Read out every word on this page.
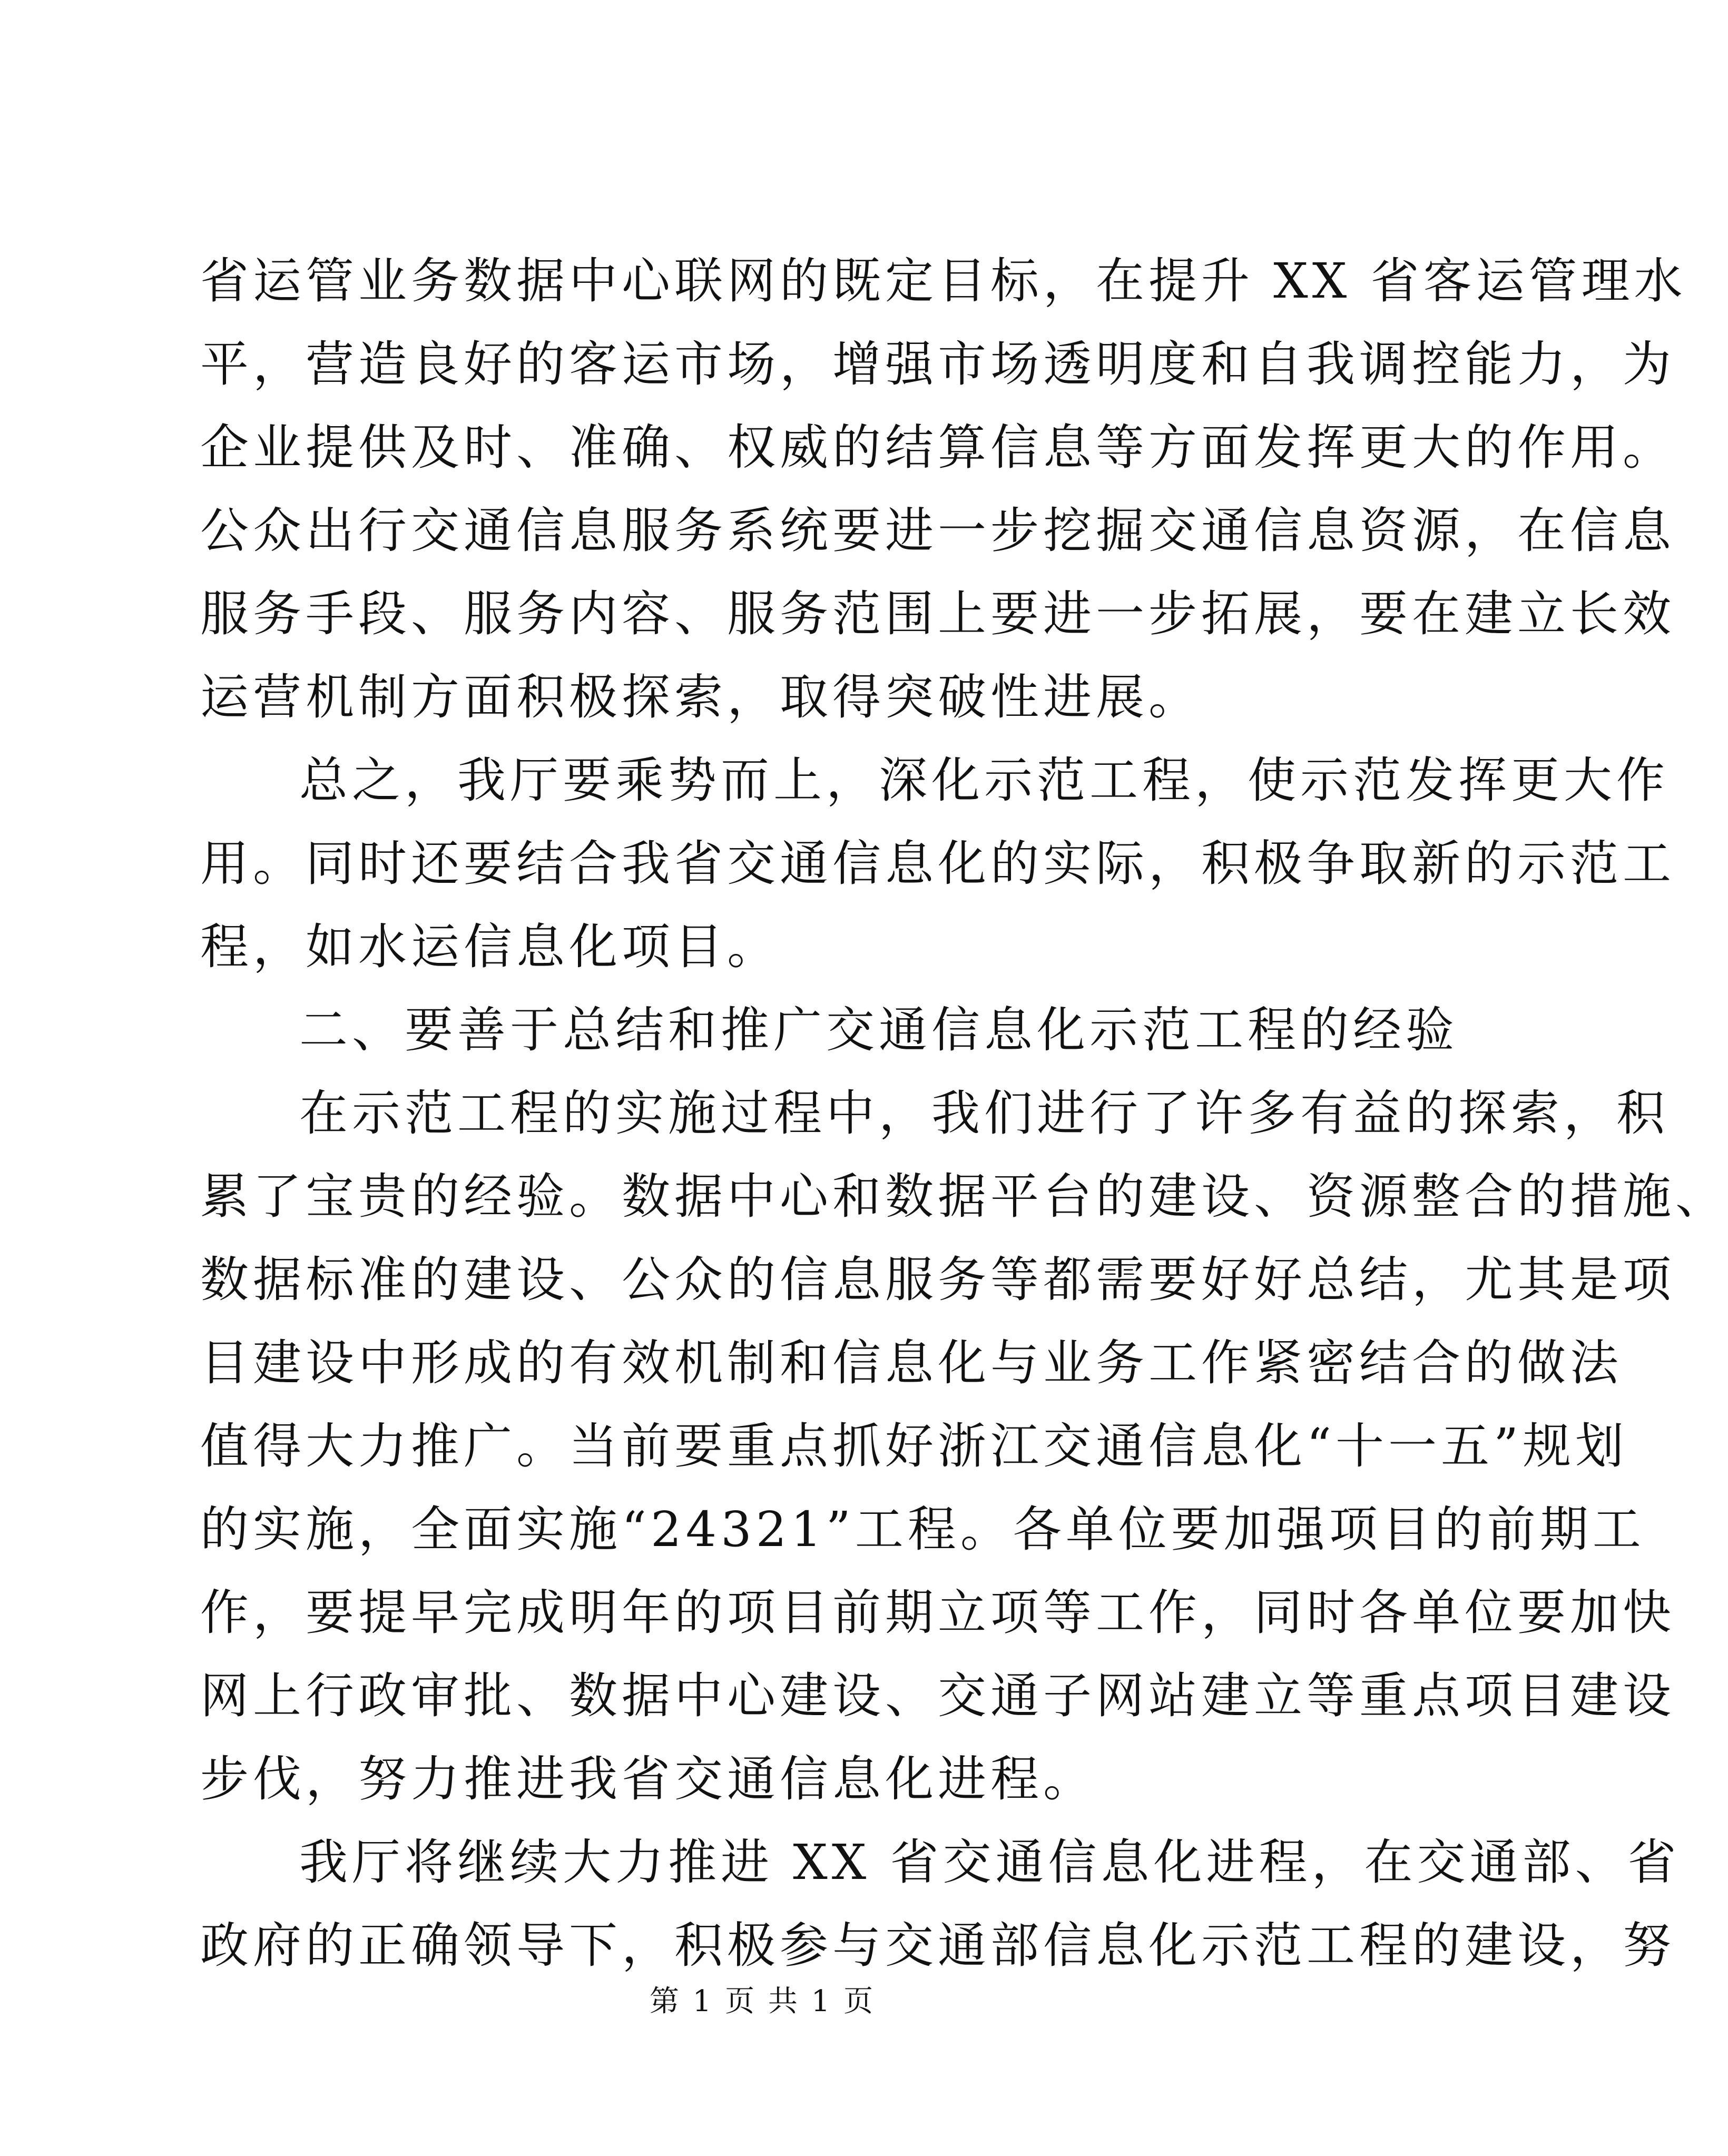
省运管业务数据中心联网的既定目标，在提升 XX 省客运管理水
平，营造良好的客运市场，增强市场透明度和自我调控能力，为
企业提供及时、准确、权威的结算信息等方面发挥更大的作用。
公众出行交通信息服务系统要进一步挖掘交通信息资源，在信息
服务手段、服务内容、服务范围上要进一步拓展，要在建立长效
运营机制方面积极探索，取得突破性进展。
总之，我厅要乘势而上，深化示范工程，使示范发挥更大作
用。同时还要结合我省交通信息化的实际，积极争取新的示范工
程，如水运信息化项目。
二、要善于总结和推广交通信息化示范工程的经验
在示范工程的实施过程中，我们进行了许多有益的探索，积
累了宝贵的经验。数据中心和数据平台的建设、资源整合的措施、
数据标准的建设、公众的信息服务等都需要好好总结，尤其是项
目建设中形成的有效机制和信息化与业务工作紧密结合的做法
值得大力推广。当前要重点抓好浙江交通信息化“十一五”规划
的实施，全面实施“24321”工程。各单位要加强项目的前期工
作，要提早完成明年的项目前期立项等工作，同时各单位要加快
网上行政审批、数据中心建设、交通子网站建立等重点项目建设
步伐，努力推进我省交通信息化进程。
我厅将继续大力推进 XX 省交通信息化进程，在交通部、省
政府的正确领导下，积极参与交通部信息化示范工程的建设，努
第 1 页 共 1 页
